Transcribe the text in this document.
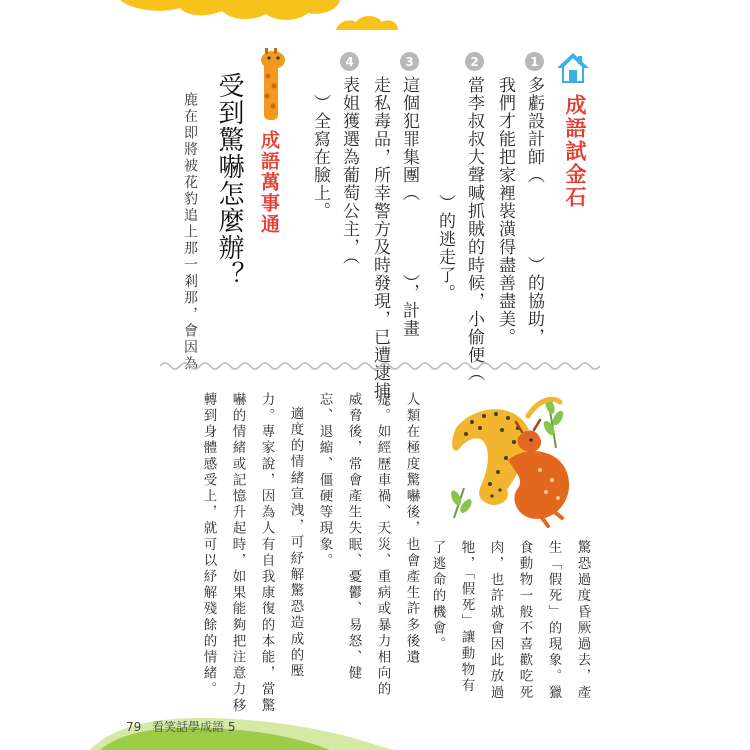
成語試金石
1
多虧設計師（　　　　）的協助，
我們才能把家裡裝潢得盡善盡美。
2
當李叔叔大聲喊抓賊的時候，小偷便（
）的逃走了。
3
這個犯罪集團（　　　　），計畫
走私毒品，所幸警方及時發現，已遭逮捕。
4
表姐獲選為葡萄公主，（
）全寫在臉上。
成語萬事通
受到驚嚇怎麼辦？
鹿在即將被花豹追上那一剎那，會因為
驚恐過度昏厥過去，產
生「假死」的現象。獵
食動物一般不喜歡吃死
肉，也許就會因此放過
牠，「假死」讓動物有
了逃命的機會。
人類在極度驚嚇後，也會產生許多後遺
症。如經歷車禍、天災、重病或暴力相向的
威脅後，常會產生失眠、憂鬱、易怒、健
忘、退縮、僵硬等現象。
適度的情緒宣洩，可紓解驚恐造成的壓
力。專家說，因為人有自我康復的本能，當驚
嚇的情緒或記憶升起時，如果能夠把注意力移
轉到身體感受上，就可以紓解殘餘的情緒。
79 看笑話學成語 5
